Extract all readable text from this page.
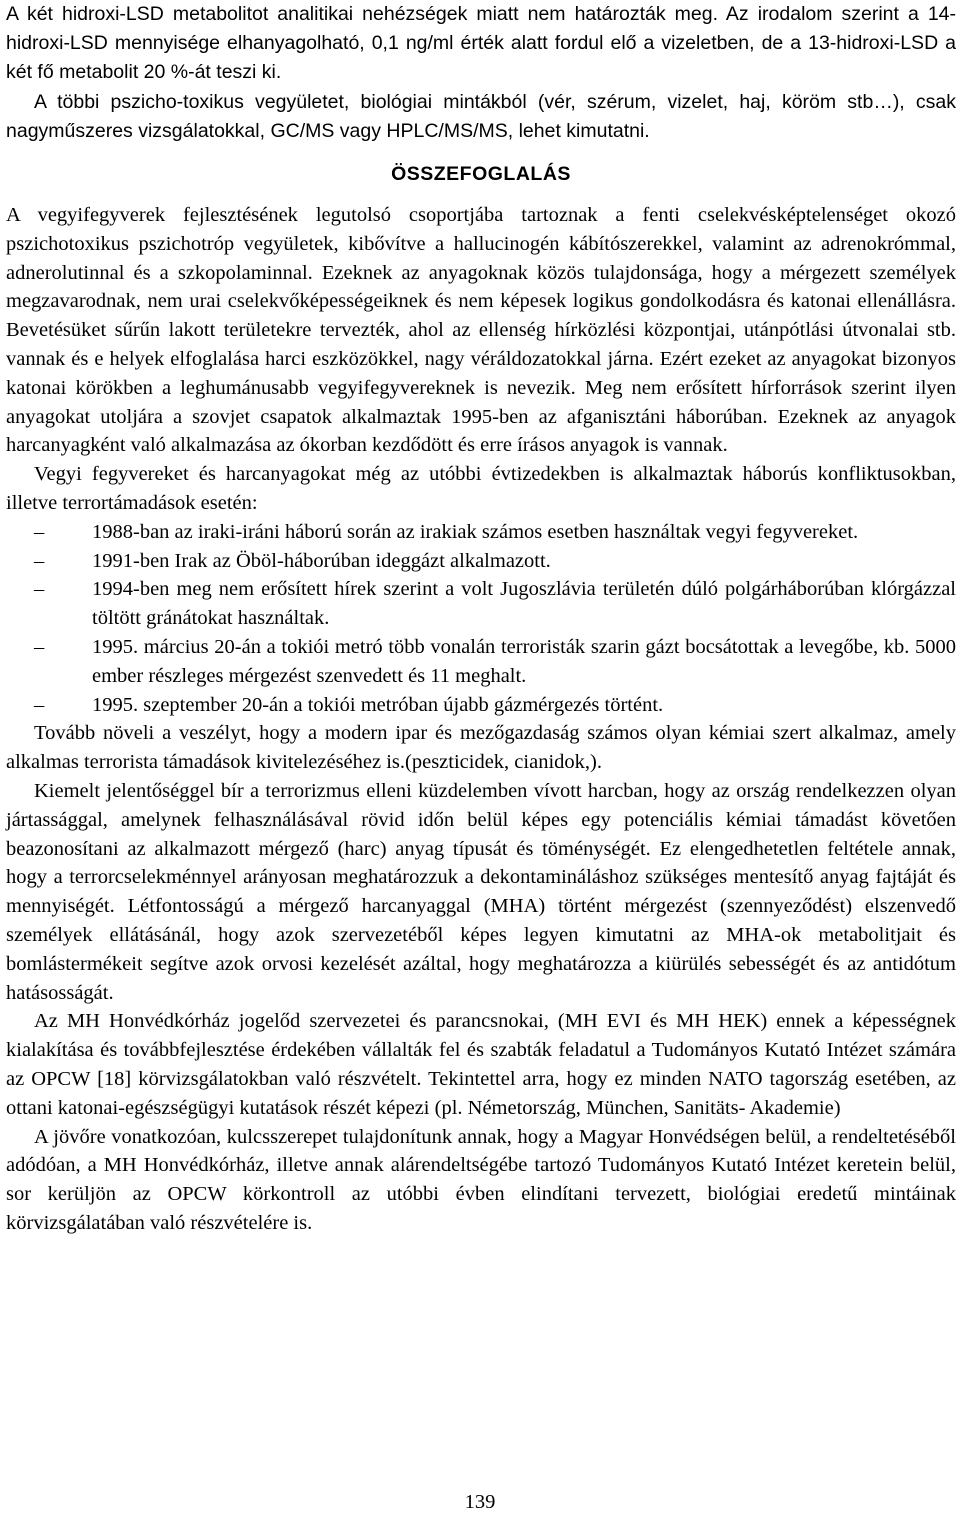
A két hidroxi-LSD metabolitot analitikai nehézségek miatt nem határozták meg. Az irodalom szerint a 14-hidroxi-LSD mennyisége elhanyagolható, 0,1 ng/ml érték alatt fordul elő a vizeletben, de a 13-hidroxi-LSD a két fő metabolit 20 %-át teszi ki.

A többi pszicho-toxikus vegyületet, biológiai mintákból (vér, szérum, vizelet, haj, köröm stb…), csak nagyműszeres vizsgálatokkal, GC/MS vagy HPLC/MS/MS, lehet kimutatni.

ÖSSZEFOGLALÁS

A vegyifegyverek fejlesztésének legutolsó csoportjába tartoznak a fenti cselekvésképtelenséget okozó pszichotoxikus pszichotróp vegyületek, kibővítve a hallucinogén kábítószerekkel, valamint az adrenokrómmal, adnerolutinnal és a szkopolaminnal. Ezeknek az anyagoknak közös tulajdonsága, hogy a mérgezett személyek megzavarodnak, nem urai cselekvőképességeiknek és nem képesek logikus gondolkodásra és katonai ellenállásra. Bevetésüket sűrűn lakott területekre tervezték, ahol az ellenség hírközlési központjai, utánpótlási útvonalai stb. vannak és e helyek elfoglalása harci eszközökkel, nagy véráldozatokkal járna. Ezért ezeket az anyagokat bizonyos katonai körökben a leghumánusabb vegyifegyvereknek is nevezik. Meg nem erősített hírforrások szerint ilyen anyagokat utoljára a szovjet csapatok alkalmaztak 1995-ben az afganisztáni háborúban. Ezeknek az anyagok harcanyagként való alkalmazása az ókorban kezdődött és erre írásos anyagok is vannak.

Vegyi fegyvereket és harcanyagokat még az utóbbi évtizedekben is alkalmaztak háborús konfliktusokban, illetve terrortámadások esetén:

– 1988-ban az iraki-iráni háború során az irakiak számos esetben használtak vegyi fegyvereket.
– 1991-ben Irak az Öböl-háborúban ideggázt alkalmazott.
– 1994-ben meg nem erősített hírek szerint a volt Jugoszlávia területén dúló polgárháborúban klórgázzal töltött gránátokat használtak.
– 1995. március 20-án a tokiói metró több vonalán terroristák szarin gázt bocsátottak a levegőbe, kb. 5000 ember részleges mérgezést szenvedett és 11 meghalt.
– 1995. szeptember 20-án a tokiói metróban újabb gázmérgezés történt.

Tovább növeli a veszélyt, hogy a modern ipar és mezőgazdaság számos olyan kémiai szert alkalmaz, amely alkalmas terrorista támadások kivitelezéséhez is.(peszticidek, cianidok,).

Kiemelt jelentőséggel bír a terrorizmus elleni küzdelemben vívott harcban, hogy az ország rendelkezzen olyan jártassággal, amelynek felhasználásával rövid időn belül képes egy potenciális kémiai támadást követően beazonosítani az alkalmazott mérgező (harc) anyag típusát és töménységét. Ez elengedhetetlen feltétele annak, hogy a terrorcselekménnyel arányosan meghatározzuk a dekontamináláshoz szükséges mentesítő anyag fajtáját és mennyiségét. Létfontosságú a mérgező harcanyaggal (MHA) történt mérgezést (szennyeződést) elszenvedő személyek ellátásánál, hogy azok szervezetéből képes legyen kimutatni az MHA-ok metabolitjait és bomlástermékeit segítve azok orvosi kezelését azáltal, hogy meghatározza a kiürülés sebességét és az antidótum hatásosságát.

Az MH Honvédkórház jogelőd szervezetei és parancsnokai, (MH EVI és MH HEK) ennek a képességnek kialakítása és továbbfejlesztése érdekében vállalták fel és szabták feladatul a Tudományos Kutató Intézet számára az OPCW [18] körvizsgálatokban való részvételt. Tekintettel arra, hogy ez minden NATO tagország esetében, az ottani katonai-egészségügyi kutatások részét képezi (pl. Németország, München, Sanitäts- Akademie)

A jövőre vonatkozóan, kulcsszerepet tulajdonítunk annak, hogy a Magyar Honvédségen belül, a rendeltetéséből adódóan, a MH Honvédkórház, illetve annak alárendeltségébe tartozó Tudományos Kutató Intézet keretein belül, sor kerüljön az OPCW körkontroll az utóbbi évben elindítani tervezett, biológiai eredetű mintáinak körvizsgálatában való részvételére is.

139
